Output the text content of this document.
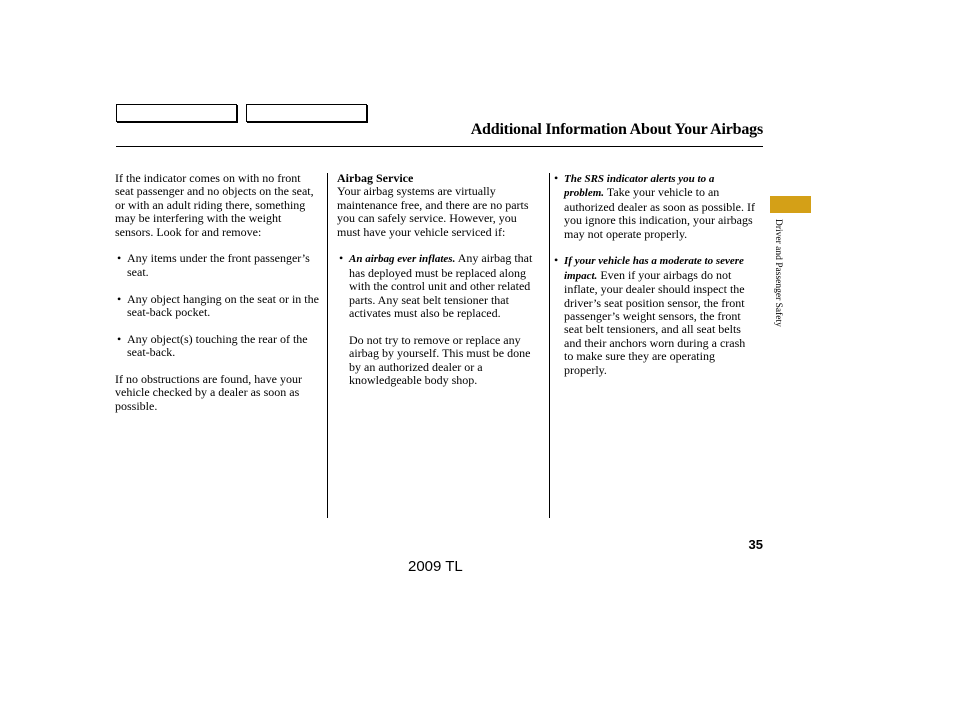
Additional Information About Your Airbags

If the indicator comes on with no front seat passenger and no objects on the seat, or with an adult riding there, something may be interfering with the weight sensors. Look for and remove:

• Any items under the front passenger’s seat.
• Any object hanging on the seat or in the seat-back pocket.
• Any object(s) touching the rear of the seat-back.

If no obstructions are found, have your vehicle checked by a dealer as soon as possible.

Airbag Service

Your airbag systems are virtually maintenance free, and there are no parts you can safely service. However, you must have your vehicle serviced if:

• An airbag ever inflates. Any airbag that has deployed must be replaced along with the control unit and other related parts. Any seat belt tensioner that activates must also be replaced.

Do not try to remove or replace any airbag by yourself. This must be done by an authorized dealer or a knowledgeable body shop.

• The SRS indicator alerts you to a problem. Take your vehicle to an authorized dealer as soon as possible. If you ignore this indication, your airbags may not operate properly.
• If your vehicle has a moderate to severe impact. Even if your airbags do not inflate, your dealer should inspect the driver’s seat position sensor, the front passenger’s weight sensors, the front seat belt tensioners, and all seat belts and their anchors worn during a crash to make sure they are operating properly.
Driver and Passenger Safety
35
2009 TL
